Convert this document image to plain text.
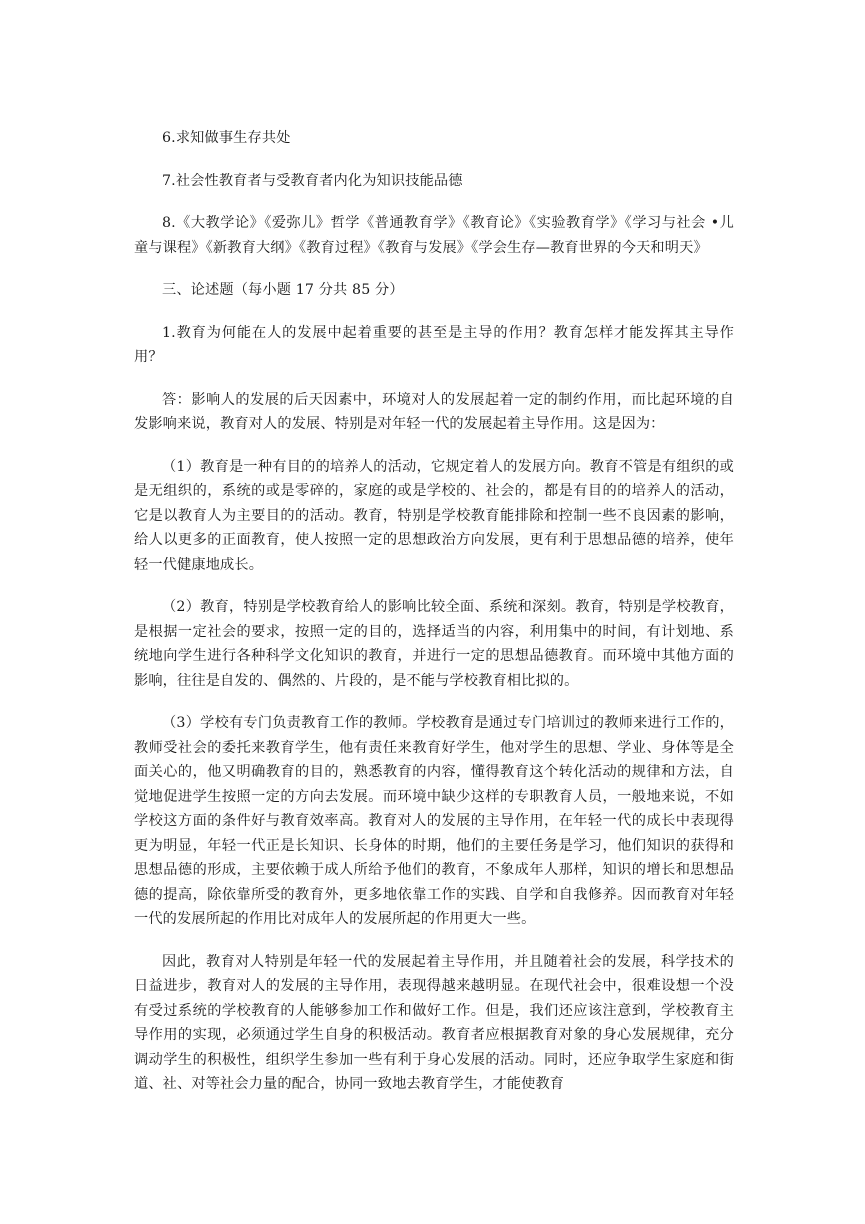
6.求知做事生存共处

7.社会性教育者与受教育者内化为知识技能品德

8.《大教学论》《爱弥儿》哲学《普通教育学》《教育论》《实验教育学》《学习与社会 •儿童与课程》《新教育大纲》《教育过程》《教育与发展》《学会生存—教育世界的今天和明天》

三、论述题（每小题 17 分共 85 分）

1.教育为何能在人的发展中起着重要的甚至是主导的作用？教育怎样才能发挥其主导作用？

答：影响人的发展的后天因素中，环境对人的发展起着一定的制约作用，而比起环境的自发影响来说，教育对人的发展、特别是对年轻一代的发展起着主导作用。这是因为：

（1）教育是一种有目的的培养人的活动，它规定着人的发展方向。教育不管是有组织的或是无组织的，系统的或是零碎的，家庭的或是学校的、社会的，都是有目的的培养人的活动，它是以教育人为主要目的的活动。教育，特别是学校教育能排除和控制一些不良因素的影响，给人以更多的正面教育，使人按照一定的思想政治方向发展，更有利于思想品德的培养，使年轻一代健康地成长。

（2）教育，特别是学校教育给人的影响比较全面、系统和深刻。教育，特别是学校教育，是根据一定社会的要求，按照一定的目的，选择适当的内容，利用集中的时间，有计划地、系统地向学生进行各种科学文化知识的教育，并进行一定的思想品德教育。而环境中其他方面的影响，往往是自发的、偶然的、片段的，是不能与学校教育相比拟的。

（3）学校有专门负责教育工作的教师。学校教育是通过专门培训过的教师来进行工作的，教师受社会的委托来教育学生，他有责任来教育好学生，他对学生的思想、学业、身体等是全面关心的，他又明确教育的目的，熟悉教育的内容，懂得教育这个转化活动的规律和方法，自觉地促进学生按照一定的方向去发展。而环境中缺少这样的专职教育人员，一般地来说，不如学校这方面的条件好与教育效率高。教育对人的发展的主导作用，在年轻一代的成长中表现得更为明显，年轻一代正是长知识、长身体的时期，他们的主要任务是学习，他们知识的获得和思想品德的形成，主要依赖于成人所给予他们的教育，不象成年人那样，知识的增长和思想品德的提高，除依靠所受的教育外，更多地依靠工作的实践、自学和自我修养。因而教育对年轻一代的发展所起的作用比对成年人的发展所起的作用更大一些。

因此，教育对人特别是年轻一代的发展起着主导作用，并且随着社会的发展，科学技术的日益进步，教育对人的发展的主导作用，表现得越来越明显。在现代社会中，很难设想一个没有受过系统的学校教育的人能够参加工作和做好工作。但是，我们还应该注意到，学校教育主导作用的实现，必须通过学生自身的积极活动。教育者应根据教育对象的身心发展规律，充分调动学生的积极性，组织学生参加一些有利于身心发展的活动。同时，还应争取学生家庭和街道、社、对等社会力量的配合，协同一致地去教育学生，才能使教育
